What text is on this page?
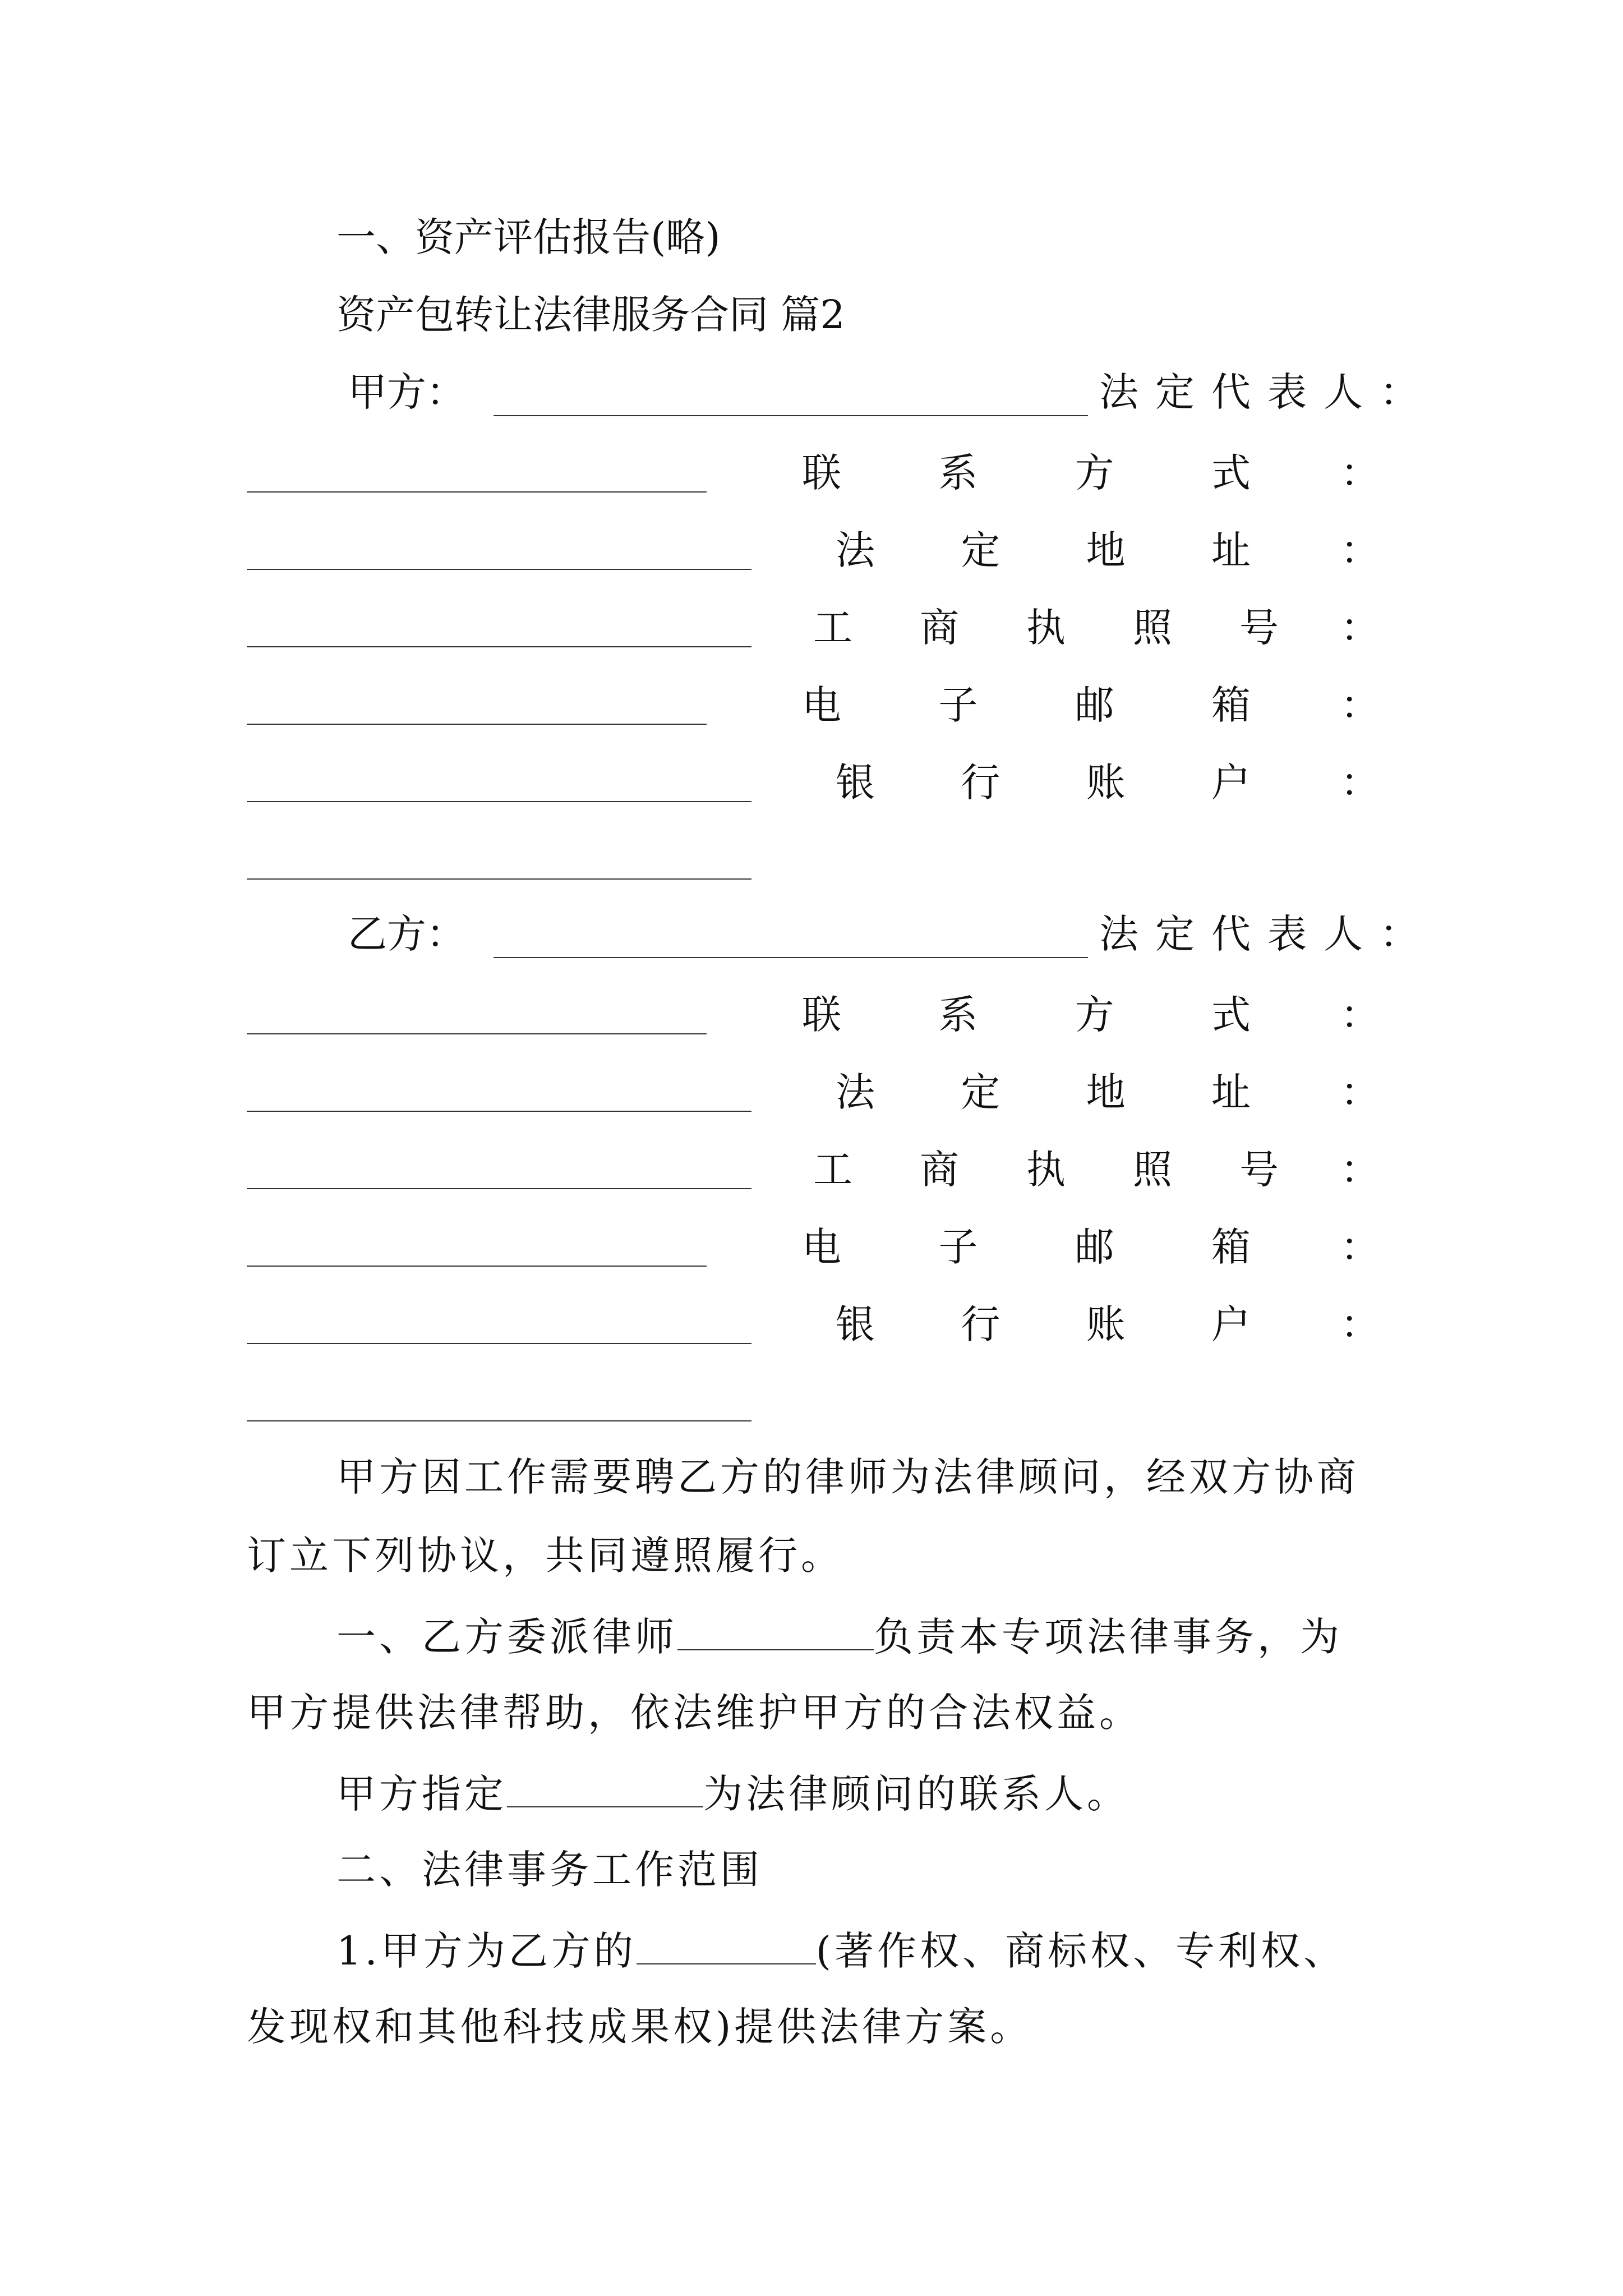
一、资产评估报告(略)
资产包转让法律服务合同 篇2
甲方：	法定代表人：
联 系 方 式 ：
法 定 地 址 ：
工 商 执 照 号 ：
电 子 邮 箱 ：
银 行 账 户 ：
乙方：	法定代表人：
联 系 方 式 ：
法 定 地 址 ：
工 商 执 照 号 ：
电 子 邮 箱 ：
银 行 账 户 ：
甲方因工作需要聘乙方的律师为法律顾问，经双方协商
订立下列协议，共同遵照履行。
一、乙方委派律师	负责本专项法律事务，为
甲方提供法律帮助，依法维护甲方的合法权益。
甲方指定	为法律顾问的联系人。
二、法律事务工作范围
1.甲方为乙方的	(著作权、商标权、专利权、
发现权和其他科技成果权)提供法律方案。
